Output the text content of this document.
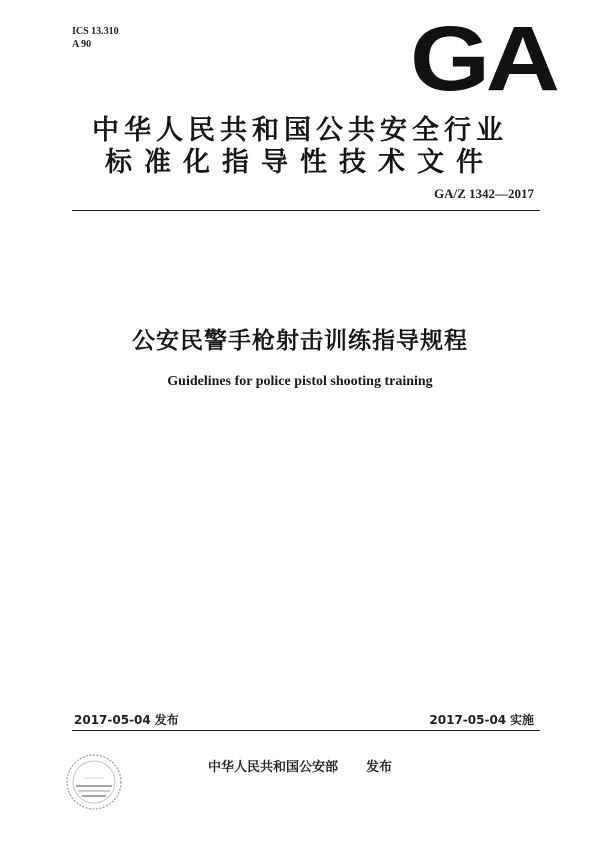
ICS 13.310
A 90	GA
中华人民共和国公共安全行业
标准化指导性技术文件
GA/Z 1342—2017
公安民警手枪射击训练指导规程
Guidelines for police pistol shooting training
2017-05-04 发布	2017-05-04 实施
中华人民共和国公安部 发布
